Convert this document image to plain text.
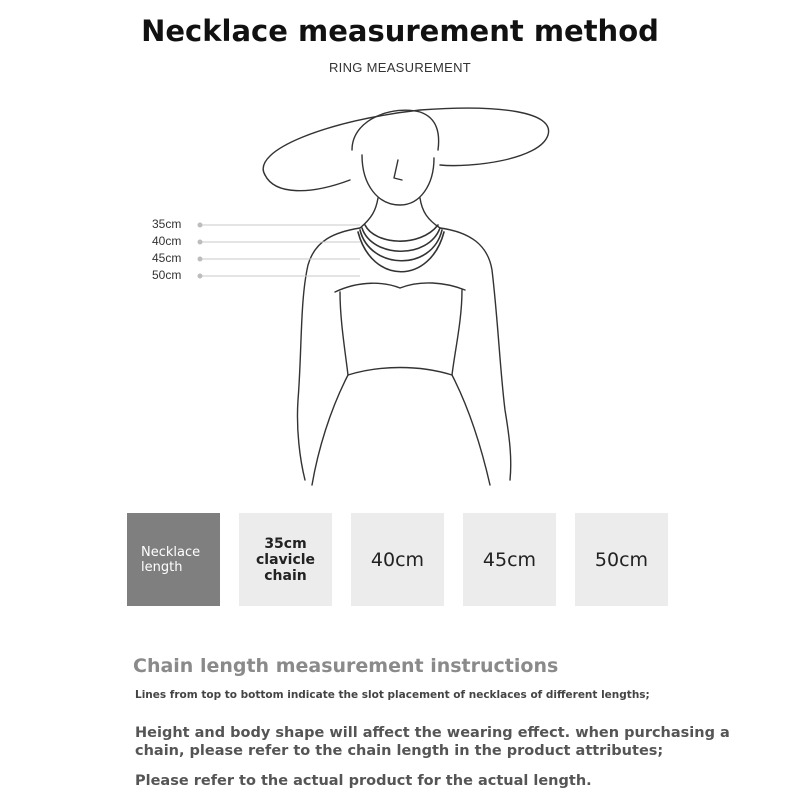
Necklace measurement method
RING MEASUREMENT
35cm
40cm
45cm
50cm
Necklace length
35cm clavicle chain
40cm	45cm	50cm
Chain length measurement instructions
Lines from top to bottom indicate the slot placement of necklaces of different lengths;
Height and body shape will affect the wearing effect. when purchasing a chain, please refer to the chain length in the product attributes;
Please refer to the actual product for the actual length.
